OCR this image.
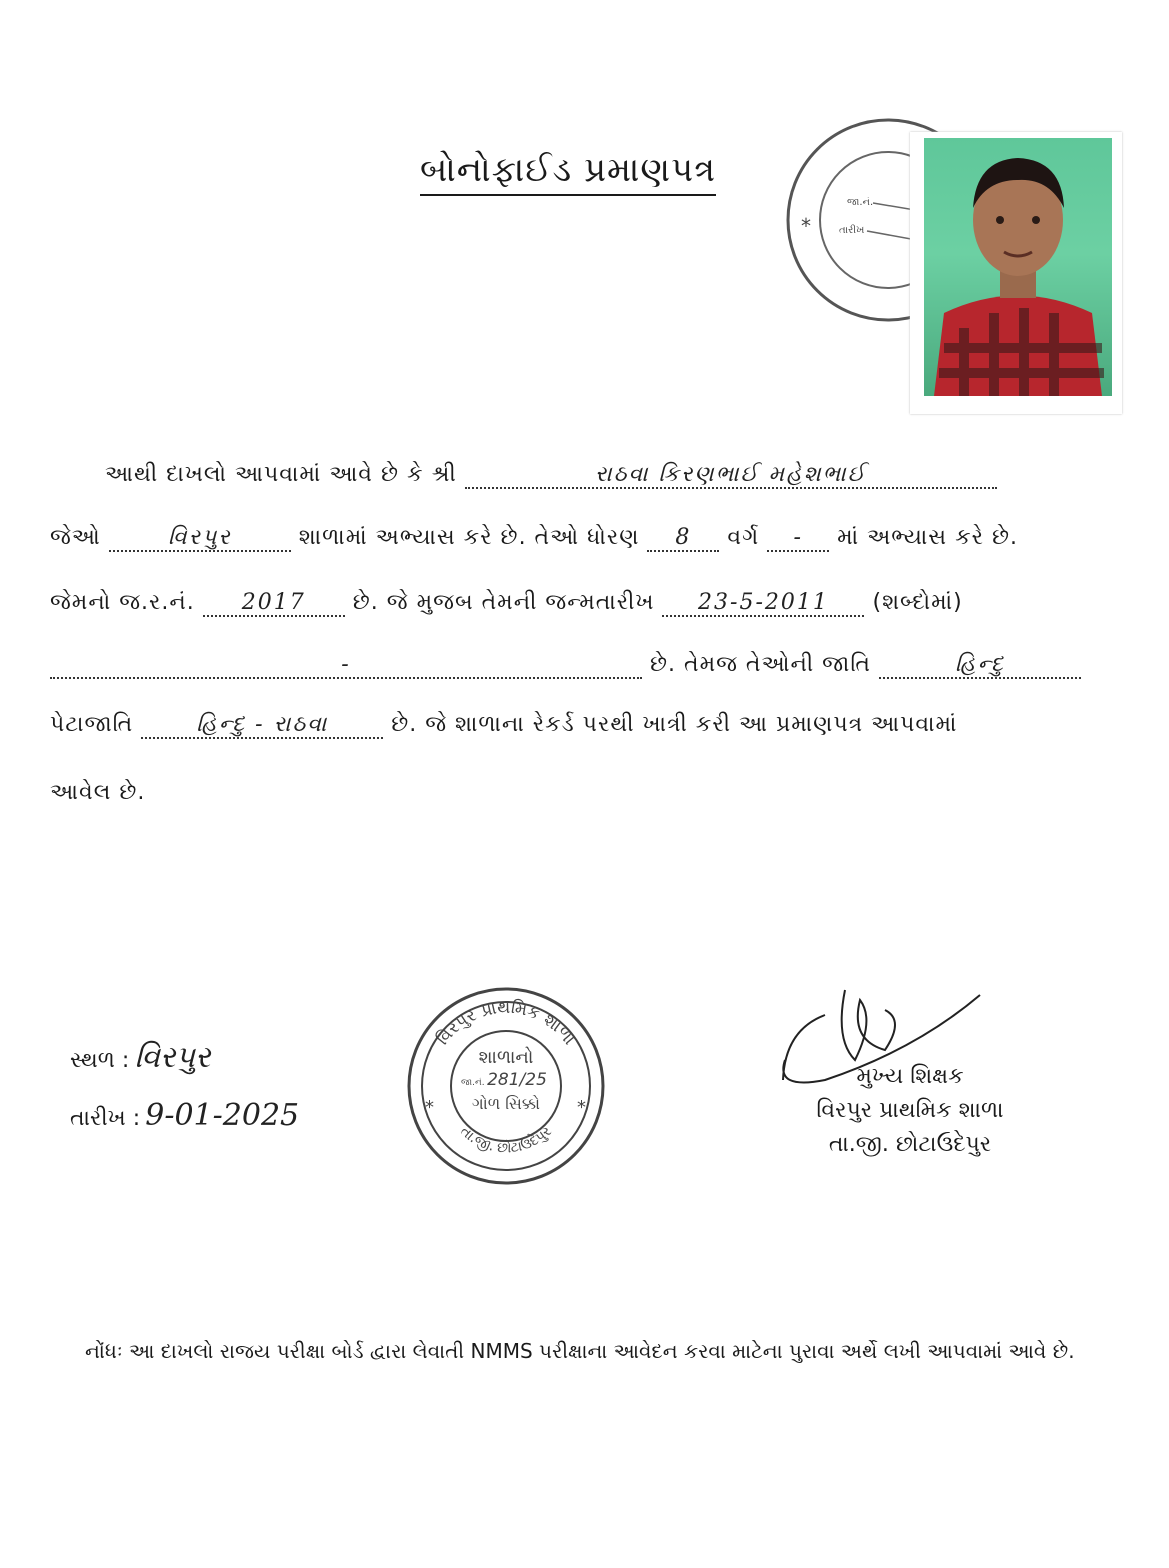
બોનોફાઈડ પ્રમાણપત્ર
*
જા.નં.
તારીખ
આથી દાખલો આપવામાં આવે છે કે શ્રી	રાઠવા કિરણભાઈ મહેશભાઈ
જેઓ	વિરપુર	શાળામાં અભ્યાસ કરે છે. તેઓ ધોરણ 8 વર્ગ - માં અભ્યાસ કરે છે.
જેમનો જ.ર.નં. 2017 છે. જે મુજબ તેમની જન્મતારીખ 23-5-2011 (શબ્દોમાં)
-	છે. તેમજ તેઓની જાતિ	હિન્દુ
પેટાજાતિ	હિન્દુ - રાઠવા	છે. જે શાળાના રેકર્ડ પરથી ખાત્રી કરી આ પ્રમાણપત્ર આપવામાં
આવેલ છે.
સ્થળ : વિરપુર
તારીખ : 9-01-2025
વિરપુર પ્રાથમિક શાળા
તા.જી. છોટાઉદેપુર
શાળાનો
જા.નં. 281/25
ગોળ સિક્કો
*	*
મુખ્ય શિક્ષક
વિરપુર પ્રાથમિક શાળા
તા.જી. છોટાઉદેપુર
નોંધઃ આ દાખલો રાજય પરીક્ષા બોર્ડ દ્વારા લેવાતી NMMS પરીક્ષાના આવેદન કરવા માટેના પુરાવા અર્થે લખી આપવામાં આવે છે.
